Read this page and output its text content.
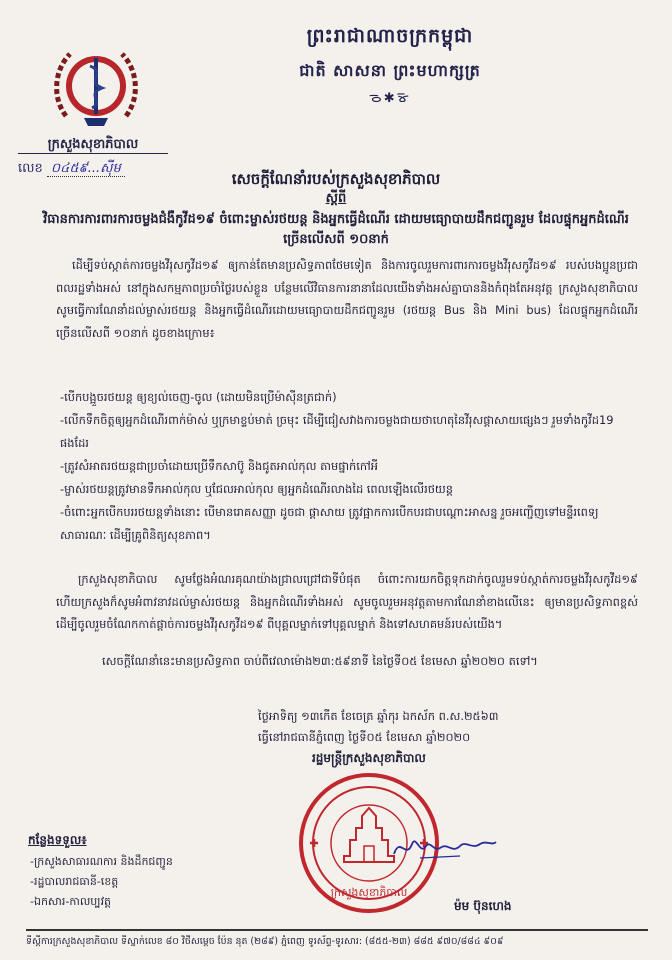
ក្រសួងសុខាភិបាល
លេខ ០៤៥៩...ស៊ីម
ព្រះរាជាណាចក្រកម្ពុជា
ជាតិ សាសនា ព្រះមហាក្សត្រ
ᯉ✱ᯊ
សេចក្តីណែនាំរបស់ក្រសួងសុខាភិបាល
ស្តីពី
វិធានការការពារការចម្លងជំងឺកូវីដ១៩ ចំពោះម្ចាស់រថយន្ត និងអ្នកធ្វើដំណើរ ដោយមធ្យោបាយដឹកជញ្ជូនរួម ដែលផ្ទុកអ្នកដំណើរច្រើនលើសពី ១០នាក់
ដើម្បីទប់ស្កាត់ការចម្លងវីរុសកូវីដ១៩ ឲ្យកាន់តែមានប្រសិទ្ធភាពថែមទៀត និងការចូលរួមការពារការចម្លងវីរុសកូវីដ១៩ របស់បងប្អូនប្រជាពលរដ្ឋទាំងអស់ នៅក្នុងសកម្មភាពប្រចាំថ្ងៃរបស់ខ្លួន បន្ថែមលើវិធានការនានាដែលយើងទាំងអស់គ្នាបាននិងកំពុងតែអនុវត្ត ក្រសួងសុខាភិបាលសូមធ្វើការណែនាំដល់ម្ចាស់រថយន្ត និងអ្នកធ្វើដំណើរដោយមធ្យោបាយដឹកជញ្ជូនរួម (រថយន្ត Bus និង Mini bus) ដែលផ្ទុកអ្នកដំណើរច្រើនលើសពី ១០នាក់ ដូចខាងក្រោម៖
-បើកបង្អួចរថយន្ត ឲ្យខ្យល់ចេញ-ចូល (ដោយមិនប្រើម៉ាស៊ីនត្រជាក់)
-លើកទឹកចិត្តឲ្យអ្នកដំណើរពាក់ម៉ាស់ ឬក្រមាខ្ទប់មាត់ ច្រមុះ ដើម្បីជៀសវាងការចម្លងជាយថាហេតុនៃវីរុសផ្តាសាយផ្សេងៗ រួមទាំងកូវីដ19 ផងដែរ
-ត្រូវសំអាតរថយន្តជាប្រចាំដោយប្រើទឹកសាប៊ូ និងជូតអាល់កុល តាមផ្នាក់កៅអី
-ម្ចាស់រថយន្តត្រូវមានទឹកអាល់កុល ឬជែលអាល់កុល ឲ្យអ្នកដំណើរលាងដៃ ពេលឡើងលើរថយន្ត
-ចំពោះអ្នកបើកបររថយន្តទាំងនោះ បើមានរោគសញ្ញា ដូចជា ផ្តាសាយ ត្រូវផ្អាកការបើកបរជាបណ្តោះអាសន្ន រួចអញ្ជើញទៅមន្ទីរពេទ្យសាធារណៈ ដើម្បីគ្រូពិនិត្យសុខភាព។
ក្រសួងសុខាភិបាល សូមថ្លែងអំណរគុណយ៉ាងជ្រាលជ្រៅជាទីបំផុត ចំពោះការយកចិត្តទុកដាក់ចូលរួមទប់ស្កាត់ការចម្លងវីរុសកូវីដ១៩ ហើយក្រសួងក៏សូមអំពាវនាវដល់ម្ចាស់រថយន្ត និងអ្នកដំណើរទាំងអស់ សូមចូលរួមអនុវត្តតាមការណែនាំខាងលើនេះ ឲ្យមានប្រសិទ្ធភាពខ្ពស់ ដើម្បីចូលរួមចំណែកកាត់ផ្តាច់ការចម្លងវីរុសកូវីដ១៩ ពីបុគ្គលម្នាក់ទៅបុគ្គលម្នាក់ និងទៅសហគមន៍របស់យើង។
សេចក្តីណែនាំនេះមានប្រសិទ្ធភាព ចាប់ពីវេលាម៉ោង២៣:៥៩នាទី នៃថ្ងៃទី០៥ ខែមេសា ឆ្នាំ២០២០ តទៅ។
ថ្ងៃអាទិត្យ ១៣កើត ខែចេត្រ ឆ្នាំកុរ ឯកស័ក ព.ស.២៥៦៣
ធ្វើនៅរាជធានីភ្នំពេញ ថ្ងៃទី០៥ ខែមេសា ឆ្នាំ២០២០
រដ្ឋមន្ត្រីក្រសួងសុខាភិបាល
ក្រសួងសុខាភិបាល
ម៉ម ប៊ុនហេង
កន្លែងទទួល៖
-ក្រសួងសាធារណការ និងដឹកជញ្ជូន
-រដ្ឋបាលរាជធានី-ខេត្ត
-ឯកសារ-កាលប្បវត្ត
ទីស្តីការក្រសួងសុខាភិបាល ទីស្នាក់លេខ ៨០ វិថីសម្តេច ប៉ែន នុត (២៨៩) ភ្នំពេញ ទូរស័ព្ទ-ទូរសារ: (៨៥៥-២៣) ៨៨៥ ៩៧០/៨៨៤ ៩០៩
